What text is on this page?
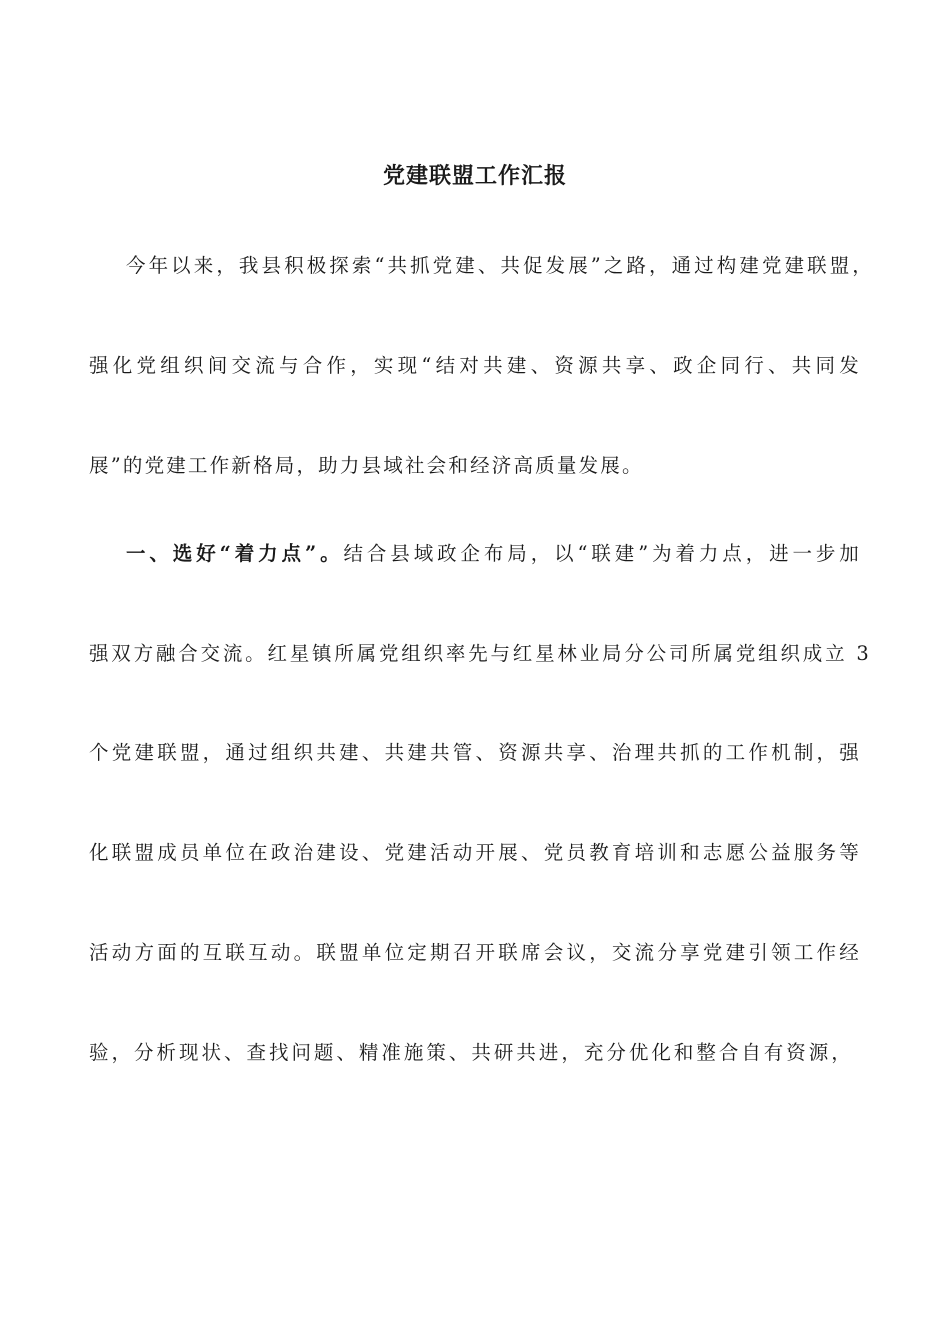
党建联盟工作汇报
今年以来，我县积极探索“共抓党建、共促发展”之路，通过构建党建联盟，
强化党组织间交流与合作，实现“结对共建、资源共享、政企同行、共同发
展”的党建工作新格局，助力县域社会和经济高质量发展。
一、选好“着力点”。结合县域政企布局，以“联建”为着力点，进一步加
强双方融合交流。红星镇所属党组织率先与红星林业局分公司所属党组织成立 3
个党建联盟，通过组织共建、共建共管、资源共享、治理共抓的工作机制，强
化联盟成员单位在政治建设、党建活动开展、党员教育培训和志愿公益服务等
活动方面的互联互动。联盟单位定期召开联席会议，交流分享党建引领工作经
验，分析现状、查找问题、精准施策、共研共进，充分优化和整合自有资源，
